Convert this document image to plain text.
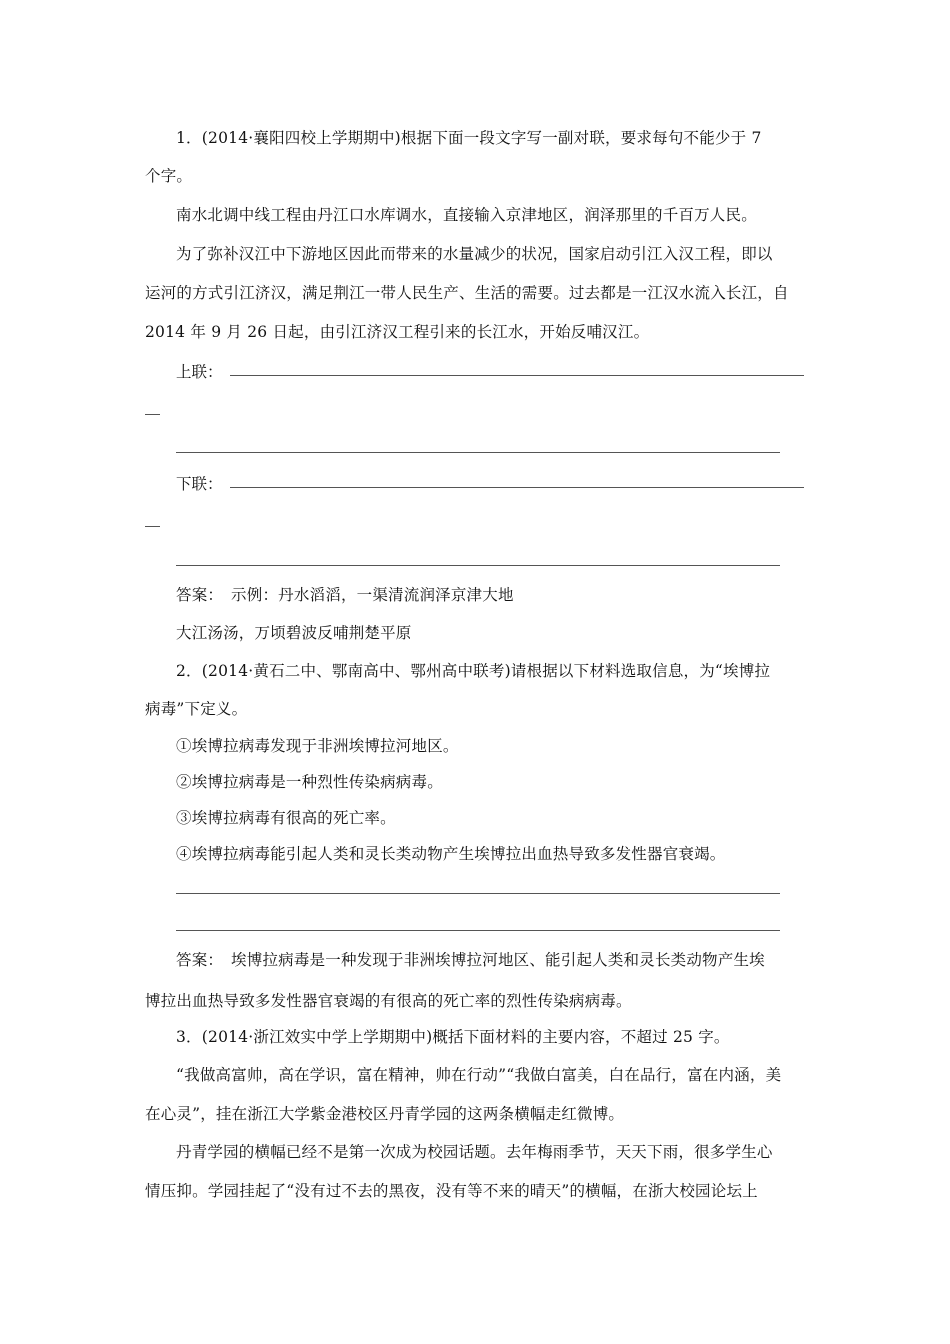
1．(2014·襄阳四校上学期期中)根据下面一段文字写一副对联，要求每句不能少于 7
个字。
南水北调中线工程由丹江口水库调水，直接输入京津地区，润泽那里的千百万人民。
为了弥补汉江中下游地区因此而带来的水量减少的状况，国家启动引江入汉工程，即以
运河的方式引江济汉，满足荆江一带人民生产、生活的需要。过去都是一江汉水流入长江，自
2014 年 9 月 26 日起，由引江济汉工程引来的长江水，开始反哺汉江。
上联：
下联：
答案：　示例：丹水滔滔，一渠清流润泽京津大地
大江汤汤，万顷碧波反哺荆楚平原
2．(2014·黄石二中、鄂南高中、鄂州高中联考)请根据以下材料选取信息，为“埃博拉
病毒”下定义。
①埃博拉病毒发现于非洲埃博拉河地区。
②埃博拉病毒是一种烈性传染病病毒。
③埃博拉病毒有很高的死亡率。
④埃博拉病毒能引起人类和灵长类动物产生埃博拉出血热导致多发性器官衰竭。
答案：　埃博拉病毒是一种发现于非洲埃博拉河地区、能引起人类和灵长类动物产生埃
博拉出血热导致多发性器官衰竭的有很高的死亡率的烈性传染病病毒。
3．(2014·浙江效实中学上学期期中)概括下面材料的主要内容，不超过 25 字。
“我做高富帅，高在学识，富在精神，帅在行动”“我做白富美，白在品行，富在内涵，美
在心灵”，挂在浙江大学紫金港校区丹青学园的这两条横幅走红微博。
丹青学园的横幅已经不是第一次成为校园话题。去年梅雨季节，天天下雨，很多学生心
情压抑。学园挂起了“没有过不去的黑夜，没有等不来的晴天”的横幅，在浙大校园论坛上
